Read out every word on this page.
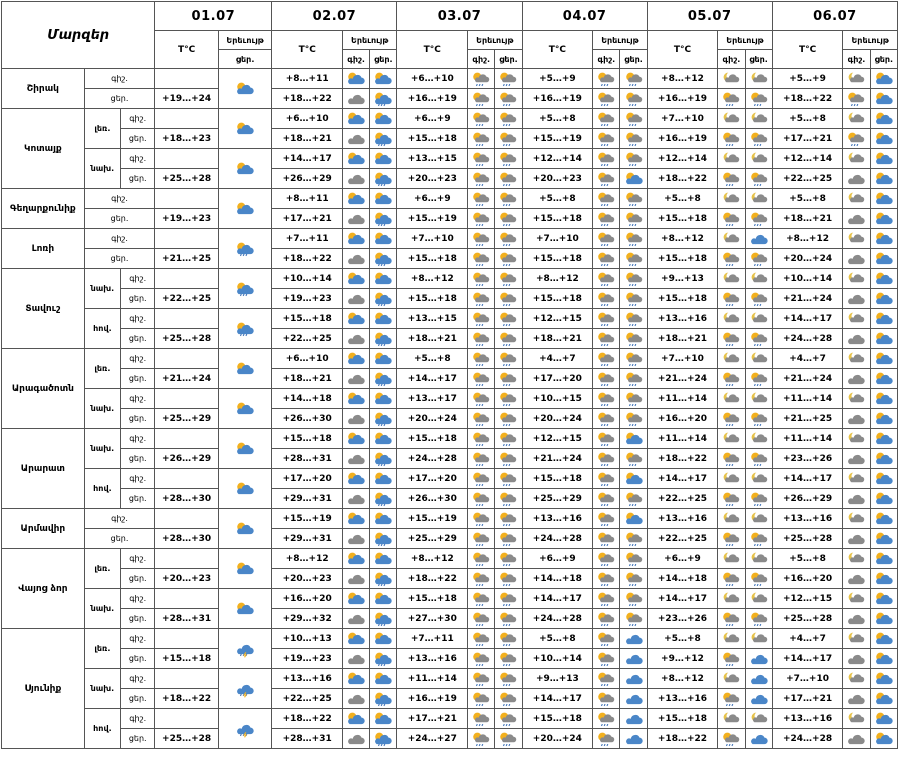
Մարզեր			01.07		02.07			03.07			04.07			05.07			06.07		
			T°C	Երեւույթ	T°C	Երեւույթ		T°C	Երեւույթ		T°C	Երեւույթ		T°C	Երեւույթ		T°C	Երեւույթ	
				ցեր.		գիշ.	ցեր.		գիշ.	ցեր.		գիշ.	ցեր.		գիշ.	ցեր.		գիշ.	ցեր.
Շիրակ	գիշ.				+8…+11			+6…+10			+5…+9			+8…+12			+5…+9	

	ցեր.		+19…+24		+18…+22			+16…+19			+16…+19			+16…+19			+18…+22	

Կոտայք	լեռ.	գիշ.			+6…+10			+6…+9			+5…+8			+7…+10			+5…+8	

		ցեր.	+18…+23		+18…+21			+15…+18			+15…+19			+16…+19			+17…+21	

	նախ.	գիշ.			+14…+17			+13…+15			+12…+14			+12…+14			+12…+14	

		ցեր.	+25…+28		+26…+29			+20…+23			+20…+23			+18…+22			+22…+25	

Գեղարքունիք	գիշ.				+8…+11			+6…+9			+5…+8			+5…+8			+5…+8	

	ցեր.		+19…+23		+17…+21			+15…+19			+15…+18			+15…+18			+18…+21	

Լոռի	գիշ.				+7…+11			+7…+10			+7…+10			+8…+12			+8…+12	

	ցեր.		+21…+25		+18…+22			+15…+18			+15…+18			+15…+18			+20…+24	

Տավուշ	նախ.	գիշ.			+10…+14			+8…+12			+8…+12			+9…+13			+10…+14	

		ցեր.	+22…+25		+19…+23			+15…+18			+15…+18			+15…+18			+21…+24	

	հով.	գիշ.			+15…+18			+13…+15			+12…+15			+13…+16			+14…+17	

		ցեր.	+25…+28		+22…+25			+18…+21			+18…+21			+18…+21			+24…+28	

Արագածոտն	լեռ.	գիշ.			+6…+10			+5…+8			+4…+7			+7…+10			+4…+7	

		ցեր.	+21…+24		+18…+21			+14…+17			+17…+20			+21…+24			+21…+24	

	նախ.	գիշ.			+14…+18			+13…+17			+10…+15			+11…+14			+11…+14	

		ցեր.	+25…+29		+26…+30			+20…+24			+20…+24			+16…+20			+21…+25	

Արարատ	նախ.	գիշ.			+15…+18			+15…+18			+12…+15			+11…+14			+11…+14	

		ցեր.	+26…+29		+28…+31			+24…+28			+21…+24			+18…+22			+23…+26	

	հով.	գիշ.			+17…+20			+17…+20			+15…+18			+14…+17			+14…+17	

		ցեր.	+28…+30		+29…+31			+26…+30			+25…+29			+22…+25			+26…+29	

Արմավիր	գիշ.				+15…+19			+15…+19			+13…+16			+13…+16			+13…+16	

	ցեր.		+28…+30		+29…+31			+25…+29			+24…+28			+22…+25			+25…+28	

Վայոց ձոր	լեռ.	գիշ.			+8…+12			+8…+12			+6…+9			+6…+9			+5…+8	

		ցեր.	+20…+23		+20…+23			+18…+22			+14…+18			+14…+18			+16…+20	

	նախ.	գիշ.			+16…+20			+15…+18			+14…+17			+14…+17			+12…+15	

		ցեր.	+28…+31		+29…+32			+27…+30			+24…+28			+23…+26			+25…+28	

Սյունիք	լեռ.	գիշ.			+10…+13			+7…+11			+5…+8			+5…+8			+4…+7	

		ցեր.	+15…+18		+19…+23			+13…+16			+10…+14			+9…+12			+14…+17	

	նախ.	գիշ.			+13…+16			+11…+14			+9…+13			+8…+12			+7…+10	

		ցեր.	+18…+22		+22…+25			+16…+19			+14…+17			+13…+16			+17…+21	

	հով.	գիշ.			+18…+22			+17…+21			+15…+18			+15…+18			+13…+16	

		ցեր.	+25…+28		+28…+31			+24…+27			+20…+24			+18…+22			+24…+28	
